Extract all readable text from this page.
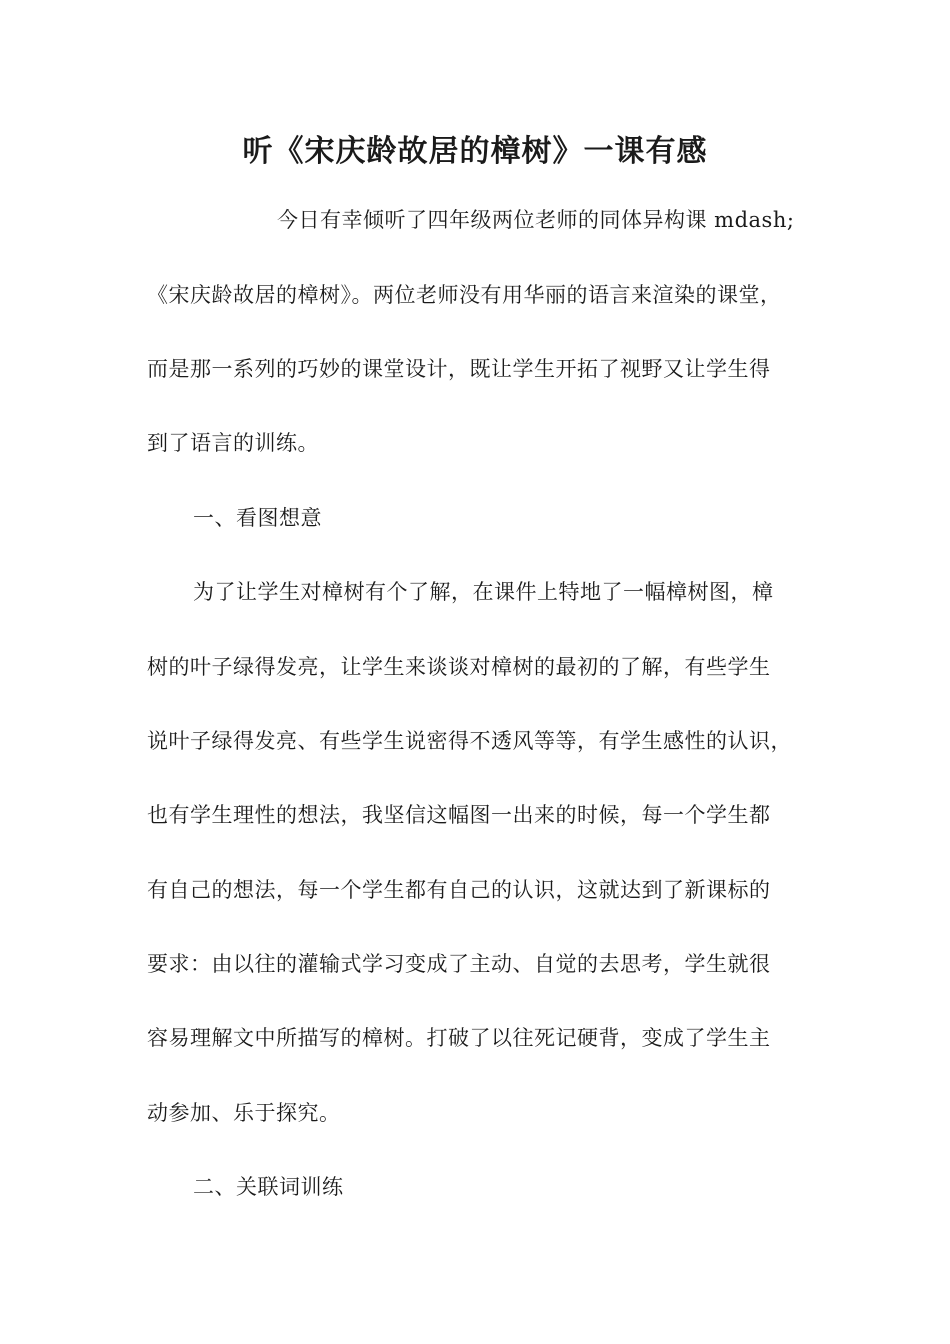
听《宋庆龄故居的樟树》一课有感

今日有幸倾听了四年级两位老师的同体异构课 mdash;

《宋庆龄故居的樟树》。两位老师没有用华丽的语言来渲染的课堂，

而是那一系列的巧妙的课堂设计，既让学生开拓了视野又让学生得

到了语言的训练。

一、看图想意

为了让学生对樟树有个了解，在课件上特地了一幅樟树图，樟

树的叶子绿得发亮，让学生来谈谈对樟树的最初的了解，有些学生

说叶子绿得发亮、有些学生说密得不透风等等，有学生感性的认识，

也有学生理性的想法，我坚信这幅图一出来的时候，每一个学生都

有自己的想法，每一个学生都有自己的认识，这就达到了新课标的

要求：由以往的灌输式学习变成了主动、自觉的去思考，学生就很

容易理解文中所描写的樟树。打破了以往死记硬背，变成了学生主

动参加、乐于探究。

二、关联词训练
